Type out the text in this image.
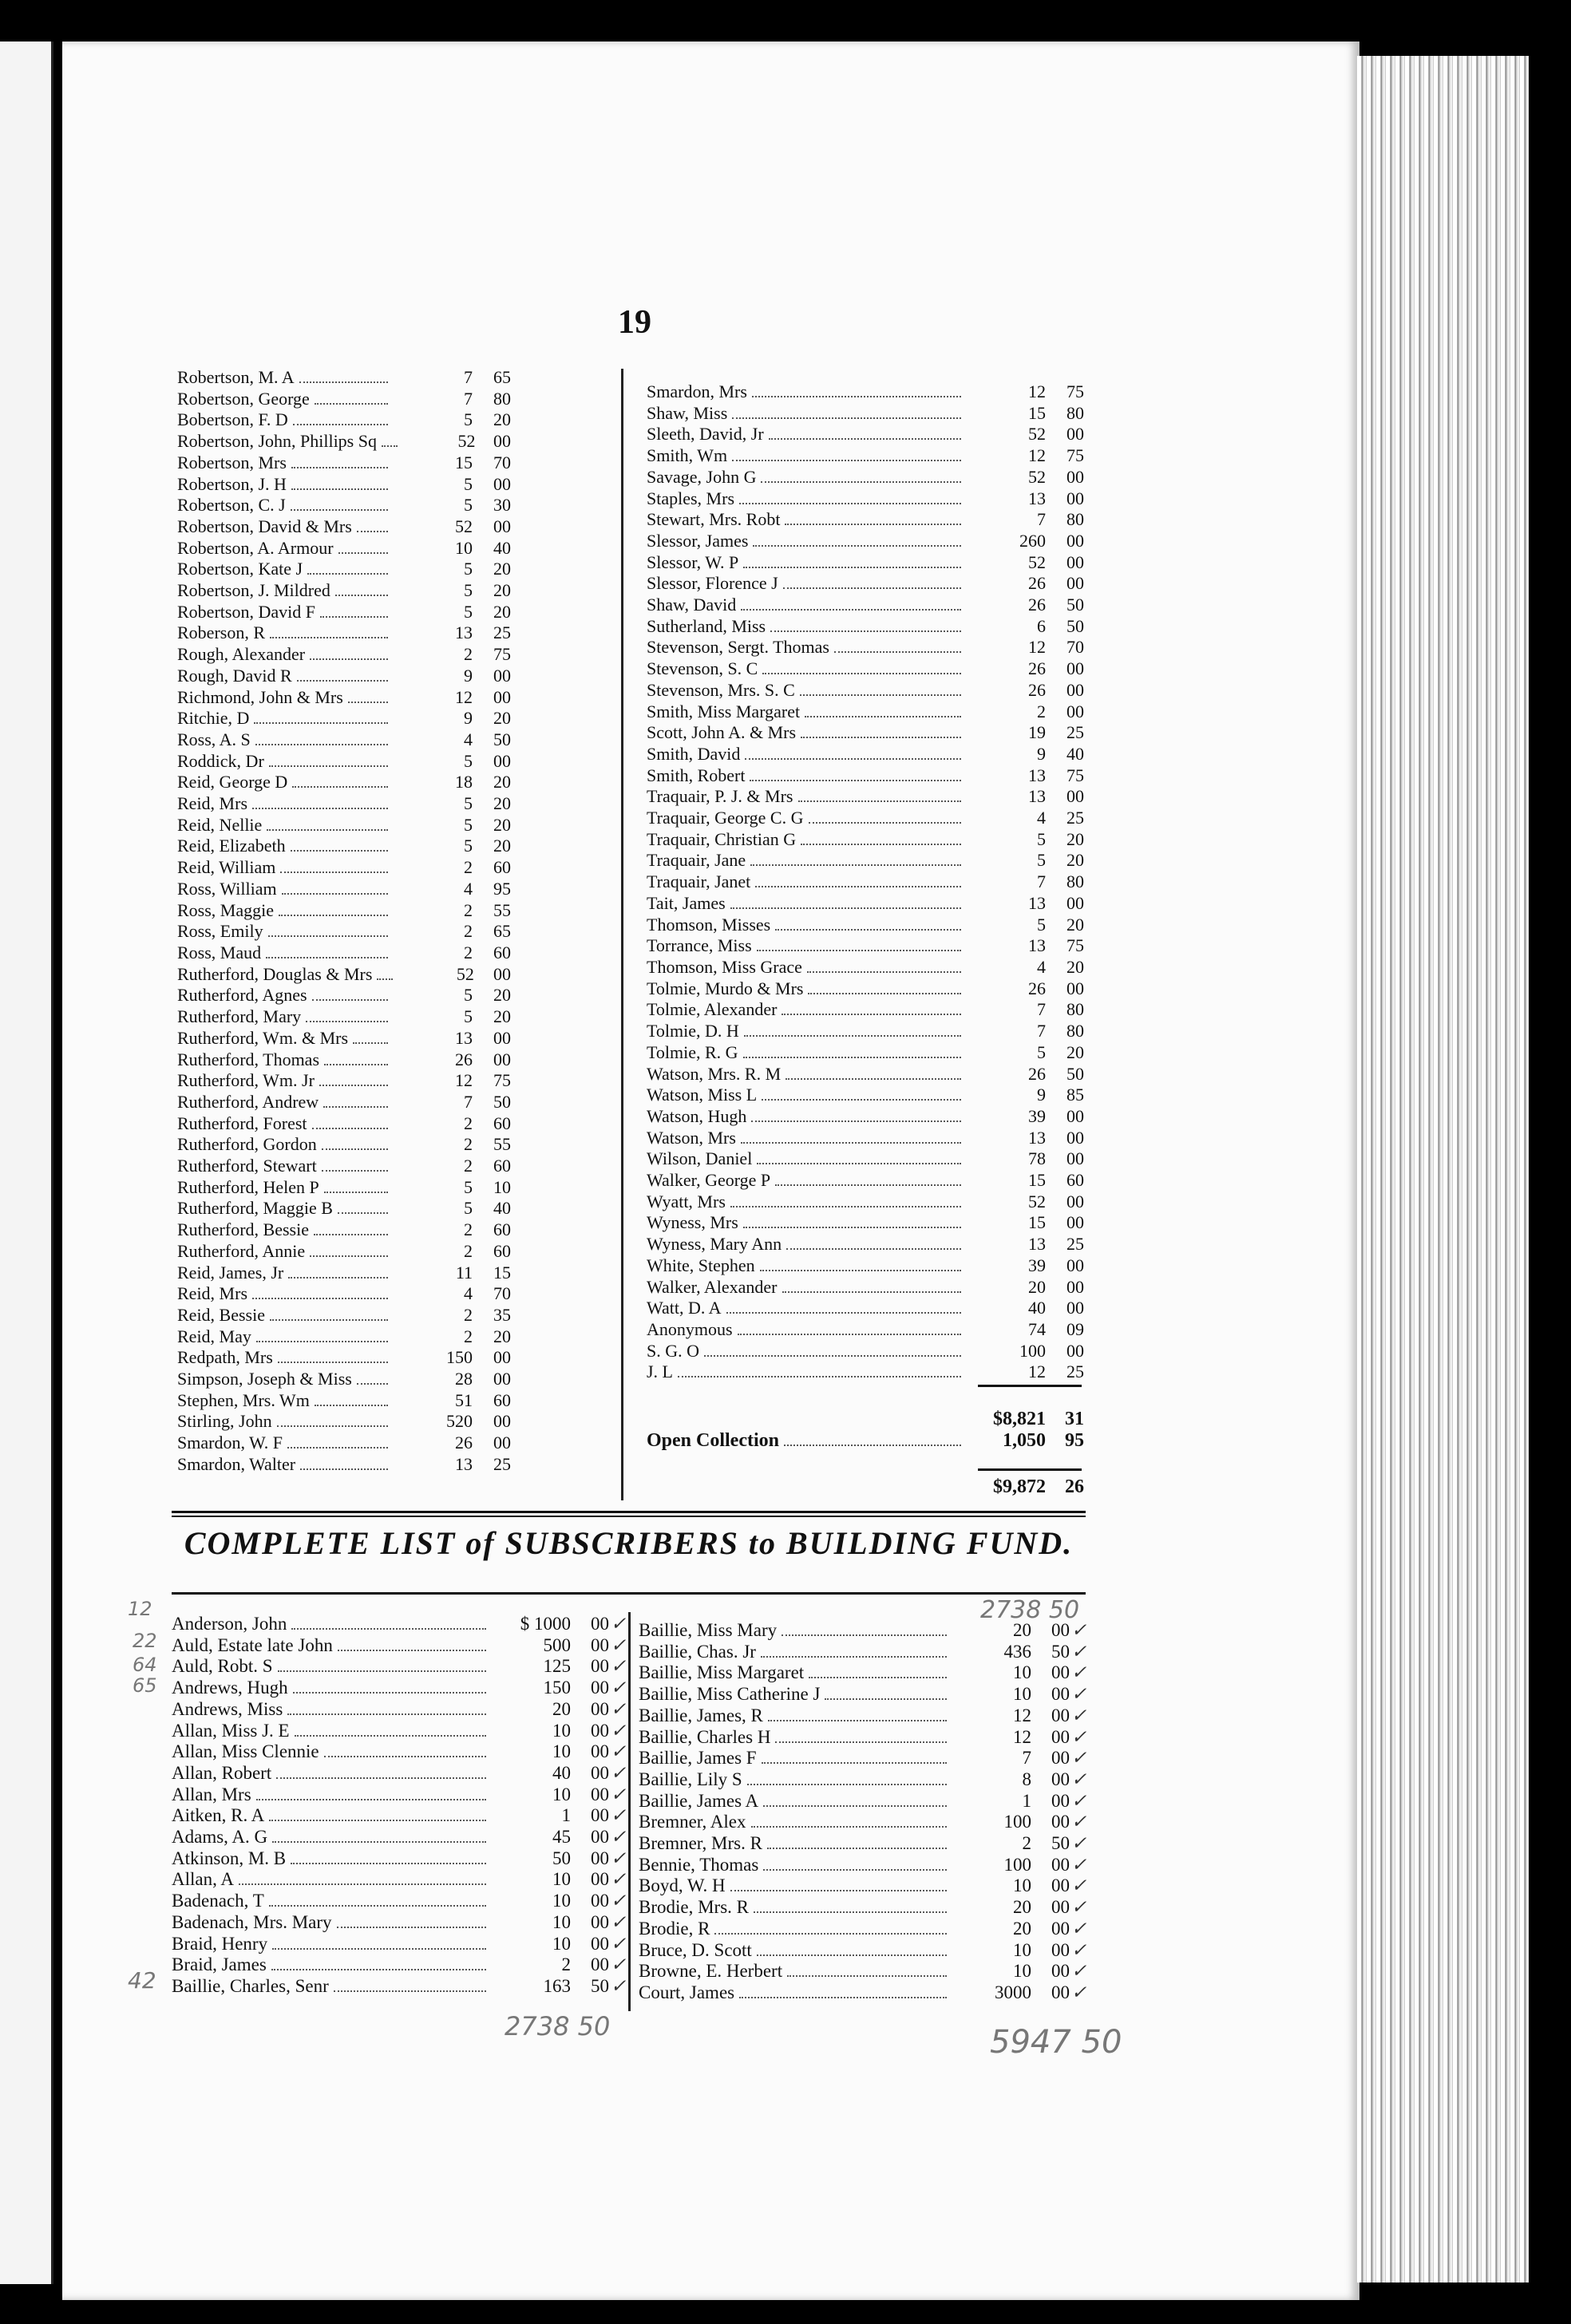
19
Robertson, M. A	7	65
Robertson, George	7	80
Bobertson, F. D	5	20
Robertson, John, Phillips Sq	52	00
Robertson, Mrs	15	70
Robertson, J. H	5	00
Robertson, C. J	5	30
Robertson, David & Mrs	52	00
Robertson, A. Armour	10	40
Robertson, Kate J	5	20
Robertson, J. Mildred	5	20
Robertson, David F	5	20
Roberson, R	13	25
Rough, Alexander	2	75
Rough, David R	9	00
Richmond, John & Mrs	12	00
Ritchie, D	9	20
Ross, A. S	4	50
Roddick, Dr	5	00
Reid, George D	18	20
Reid, Mrs	5	20
Reid, Nellie	5	20
Reid, Elizabeth	5	20
Reid, William	2	60
Ross, William	4	95
Ross, Maggie	2	55
Ross, Emily	2	65
Ross, Maud	2	60
Rutherford, Douglas & Mrs	52	00
Rutherford, Agnes	5	20
Rutherford, Mary	5	20
Rutherford, Wm. & Mrs	13	00
Rutherford, Thomas	26	00
Rutherford, Wm. Jr	12	75
Rutherford, Andrew	7	50
Rutherford, Forest	2	60
Rutherford, Gordon	2	55
Rutherford, Stewart	2	60
Rutherford, Helen P	5	10
Rutherford, Maggie B	5	40
Rutherford, Bessie	2	60
Rutherford, Annie	2	60
Reid, James, Jr	11	15
Reid, Mrs	4	70
Reid, Bessie	2	35
Reid, May	2	20
Redpath, Mrs	150	00
Simpson, Joseph & Miss	28	00
Stephen, Mrs. Wm	51	60
Stirling, John	520	00
Smardon, W. F	26	00
Smardon, Walter	13	25
Smardon, Mrs	12	75
Shaw, Miss	15	80
Sleeth, David, Jr	52	00
Smith, Wm	12	75
Savage, John G	52	00
Staples, Mrs	13	00
Stewart, Mrs. Robt	7	80
Slessor, James	260	00
Slessor, W. P	52	00
Slessor, Florence J	26	00
Shaw, David	26	50
Sutherland, Miss	6	50
Stevenson, Sergt. Thomas	12	70
Stevenson, S. C	26	00
Stevenson, Mrs. S. C	26	00
Smith, Miss Margaret	2	00
Scott, John A. & Mrs	19	25
Smith, David	9	40
Smith, Robert	13	75
Traquair, P. J. & Mrs	13	00
Traquair, George C. G	4	25
Traquair, Christian G	5	20
Traquair, Jane	5	20
Traquair, Janet	7	80
Tait, James	13	00
Thomson, Misses	5	20
Torrance, Miss	13	75
Thomson, Miss Grace	4	20
Tolmie, Murdo & Mrs	26	00
Tolmie, Alexander	7	80
Tolmie, D. H	7	80
Tolmie, R. G	5	20
Watson, Mrs. R. M	26	50
Watson, Miss L	9	85
Watson, Hugh	39	00
Watson, Mrs	13	00
Wilson, Daniel	78	00
Walker, George P	15	60
Wyatt, Mrs	52	00
Wyness, Mrs	15	00
Wyness, Mary Ann	13	25
White, Stephen	39	00
Walker, Alexander	20	00
Watt, D. A	40	00
Anonymous	74	09
S. G. O	100	00
J. L	12	25
$8,821	31
Open Collection	1,050	95
$9,872	26
COMPLETE LIST of SUBSCRIBERS to BUILDING FUND.
Anderson, John	$ 1000	00 ✓
Auld, Estate late John	500	00 ✓
Auld, Robt. S	125	00 ✓
Andrews, Hugh	150	00 ✓
Andrews, Miss	20	00 ✓
Allan, Miss J. E	10	00 ✓
Allan, Miss Clennie	10	00 ✓
Allan, Robert	40	00 ✓
Allan, Mrs	10	00 ✓
Aitken, R. A	1	00 ✓
Adams, A. G	45	00 ✓
Atkinson, M. B	50	00 ✓
Allan, A	10	00 ✓
Badenach, T	10	00 ✓
Badenach, Mrs. Mary	10	00 ✓
Braid, Henry	10	00 ✓
Braid, James	2	00 ✓
Baillie, Charles, Senr	163	50 ✓
Baillie, Miss Mary	20	00 ✓
Baillie, Chas. Jr	436	50 ✓
Baillie, Miss Margaret	10	00 ✓
Baillie, Miss Catherine J	10	00 ✓
Baillie, James, R	12	00 ✓
Baillie, Charles H	12	00 ✓
Baillie, James F	7	00 ✓
Baillie, Lily S	8	00 ✓
Baillie, James A	1	00 ✓
Bremner, Alex	100	00 ✓
Bremner, Mrs. R	2	50 ✓
Bennie, Thomas	100	00 ✓
Boyd, W. H	10	00 ✓
Brodie, Mrs. R	20	00 ✓
Brodie, R	20	00 ✓
Bruce, D. Scott	10	00 ✓
Browne, E. Herbert	10	00 ✓
Court, James	3000	00 ✓
2738 50
2738 50	5947 50
12
22
64
65
42
